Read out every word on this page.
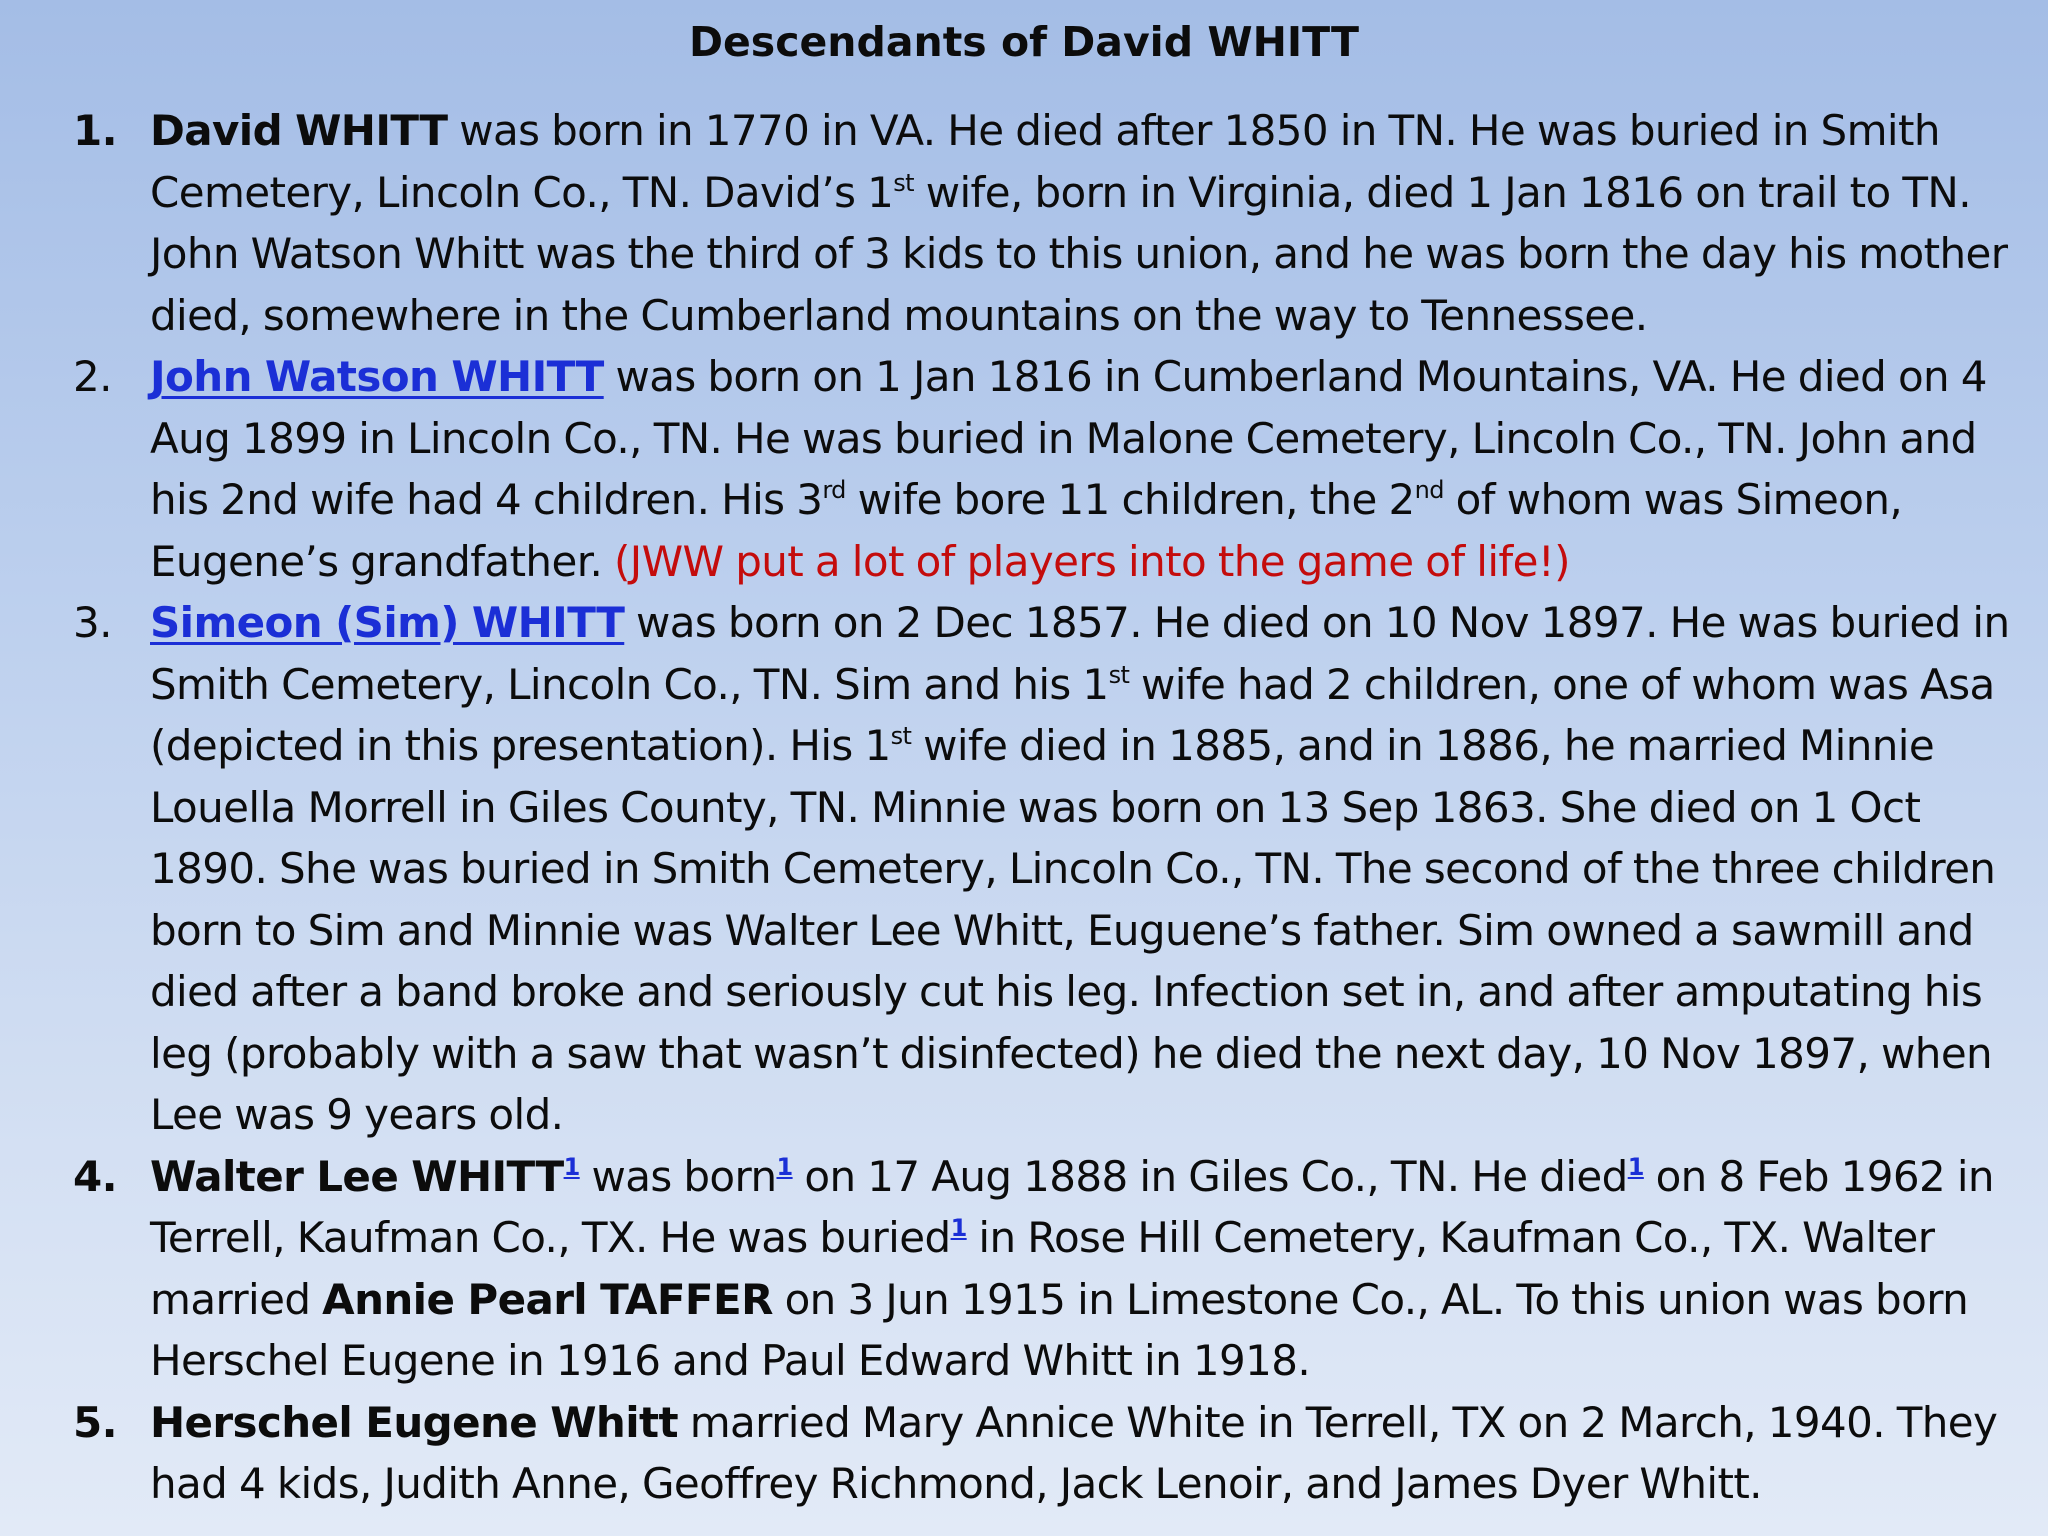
Descendants of David WHITT
1. David WHITT was born in 1770 in VA. He died after 1850 in TN. He was buried in Smith Cemetery, Lincoln Co., TN. David’s 1st wife, born in Virginia, died 1 Jan 1816 on trail to TN. John Watson Whitt was the third of 3 kids to this union, and he was born the day his mother died, somewhere in the Cumberland mountains on the way to Tennessee.
2. John Watson WHITT was born on 1 Jan 1816 in Cumberland Mountains, VA. He died on 4 Aug 1899 in Lincoln Co., TN. He was buried in Malone Cemetery, Lincoln Co., TN. John and his 2nd wife had 4 children. His 3rd wife bore 11 children, the 2nd of whom was Simeon, Eugene’s grandfather. (JWW put a lot of players into the game of life!)
3. Simeon (Sim) WHITT was born on 2 Dec 1857. He died on 10 Nov 1897. He was buried in Smith Cemetery, Lincoln Co., TN. Sim and his 1st wife had 2 children, one of whom was Asa (depicted in this presentation). His 1st wife died in 1885, and in 1886, he married Minnie Louella Morrell in Giles County, TN. Minnie was born on 13 Sep 1863. She died on 1 Oct 1890. She was buried in Smith Cemetery, Lincoln Co., TN. The second of the three children born to Sim and Minnie was Walter Lee Whitt, Euguene’s father. Sim owned a sawmill and died after a band broke and seriously cut his leg. Infection set in, and after amputating his leg (probably with a saw that wasn’t disinfected) he died the next day, 10 Nov 1897, when Lee was 9 years old.
4. Walter Lee WHITT$^1$ was born$^1$ on 17 Aug 1888 in Giles Co., TN. He died$^1$ on 8 Feb 1962 in Terrell, Kaufman Co., TX. He was buried$^1$ in Rose Hill Cemetery, Kaufman Co., TX. Walter married Annie Pearl TAFFER on 3 Jun 1915 in Limestone Co., AL. To this union was born Herschel Eugene in 1916 and Paul Edward Whitt in 1918.
5. Herschel Eugene Whitt married Mary Annice White in Terrell, TX on 2 March, 1940. They had 4 kids, Judith Anne, Geoffrey Richmond, Jack Lenoir, and James Dyer Whitt.
